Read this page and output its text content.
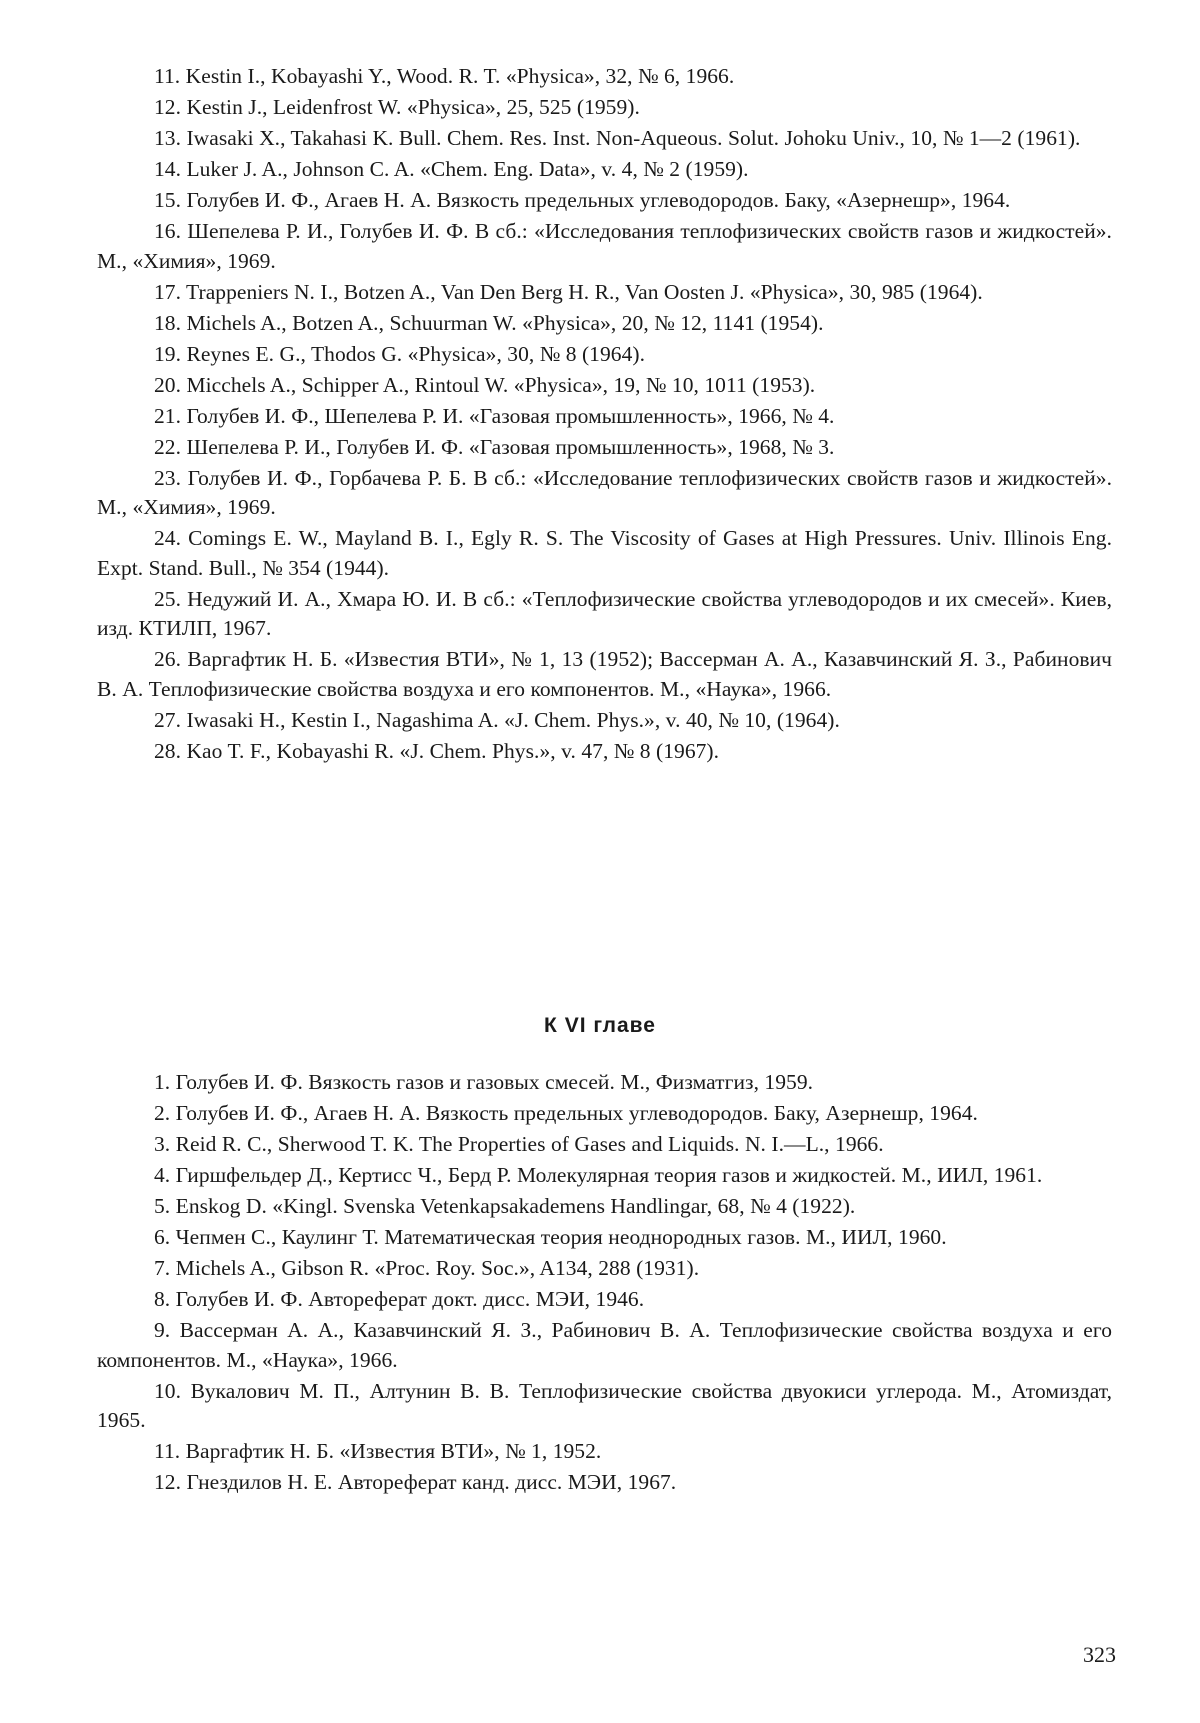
11. Kestin I., Kobayashi Y., Wood. R. T. «Physica», 32, № 6, 1966.

12. Kestin J., Leidenfrost W. «Physica», 25, 525 (1959).

13. Iwasaki X., Takahasi K. Bull. Chem. Res. Inst. Non-Aqueous. Solut. Johoku Univ., 10, № 1—2 (1961).

14. Luker J. A., Johnson C. A. «Chem. Eng. Data», v. 4, № 2 (1959).

15. Голубев И. Ф., Агаев Н. А. Вязкость предельных углеводородов. Баку, «Азернешр», 1964.

16. Шепелева Р. И., Голубев И. Ф. В сб.: «Исследования теплофизических свойств газов и жидкостей». М., «Химия», 1969.

17. Trappeniers N. I., Botzen A., Van Den Berg H. R., Van Oosten J. «Physica», 30, 985 (1964).

18. Michels A., Botzen A., Schuurman W. «Physica», 20, № 12, 1141 (1954).

19. Reynes E. G., Thodos G. «Physica», 30, № 8 (1964).

20. Micchels A., Schipper A., Rintoul W. «Physica», 19, № 10, 1011 (1953).

21. Голубев И. Ф., Шепелева Р. И. «Газовая промышленность», 1966, № 4.

22. Шепелева Р. И., Голубев И. Ф. «Газовая промышленность», 1968, № 3.

23. Голубев И. Ф., Горбачева Р. Б. В сб.: «Исследование теплофизических свойств газов и жидкостей». М., «Химия», 1969.

24. Comings E. W., Mayland B. I., Egly R. S. The Viscosity of Gases at High Pressures. Univ. Illinois Eng. Expt. Stand. Bull., № 354 (1944).

25. Недужий И. А., Хмара Ю. И. В сб.: «Теплофизические свойства углеводородов и их смесей». Киев, изд. КТИЛП, 1967.

26. Варгафтик Н. Б. «Известия ВТИ», № 1, 13 (1952); Вассерман А. А., Казавчинский Я. З., Рабинович В. А. Теплофизические свойства воздуха и его компонентов. М., «Наука», 1966.

27. Iwasaki H., Kestin I., Nagashima A. «J. Chem. Phys.», v. 40, № 10, (1964).

28. Kao T. F., Kobayashi R. «J. Chem. Phys.», v. 47, № 8 (1967).

К VI главе

1. Голубев И. Ф. Вязкость газов и газовых смесей. М., Физматгиз, 1959.

2. Голубев И. Ф., Агаев Н. А. Вязкость предельных углеводородов. Баку, Азернешр, 1964.

3. Reid R. C., Sherwood T. K. The Properties of Gases and Liquids. N. I.—L., 1966.

4. Гиршфельдер Д., Кертисс Ч., Берд Р. Молекулярная теория газов и жидкостей. М., ИИЛ, 1961.

5. Enskog D. «Kingl. Svenska Vetenkapsakademens Handlingar, 68, № 4 (1922).

6. Чепмен С., Каулинг Т. Математическая теория неоднородных газов. М., ИИЛ, 1960.

7. Michels A., Gibson R. «Proc. Roy. Soc.», A134, 288 (1931).

8. Голубев И. Ф. Автореферат докт. дисс. МЭИ, 1946.

9. Вассерман А. А., Казавчинский Я. З., Рабинович В. А. Теплофизические свойства воздуха и его компонентов. М., «Наука», 1966.

10. Вукалович М. П., Алтунин В. В. Теплофизические свойства двуокиси углерода. М., Атомиздат, 1965.

11. Варгафтик Н. Б. «Известия ВТИ», № 1, 1952.

12. Гнездилов Н. Е. Автореферат канд. дисс. МЭИ, 1967.

323
